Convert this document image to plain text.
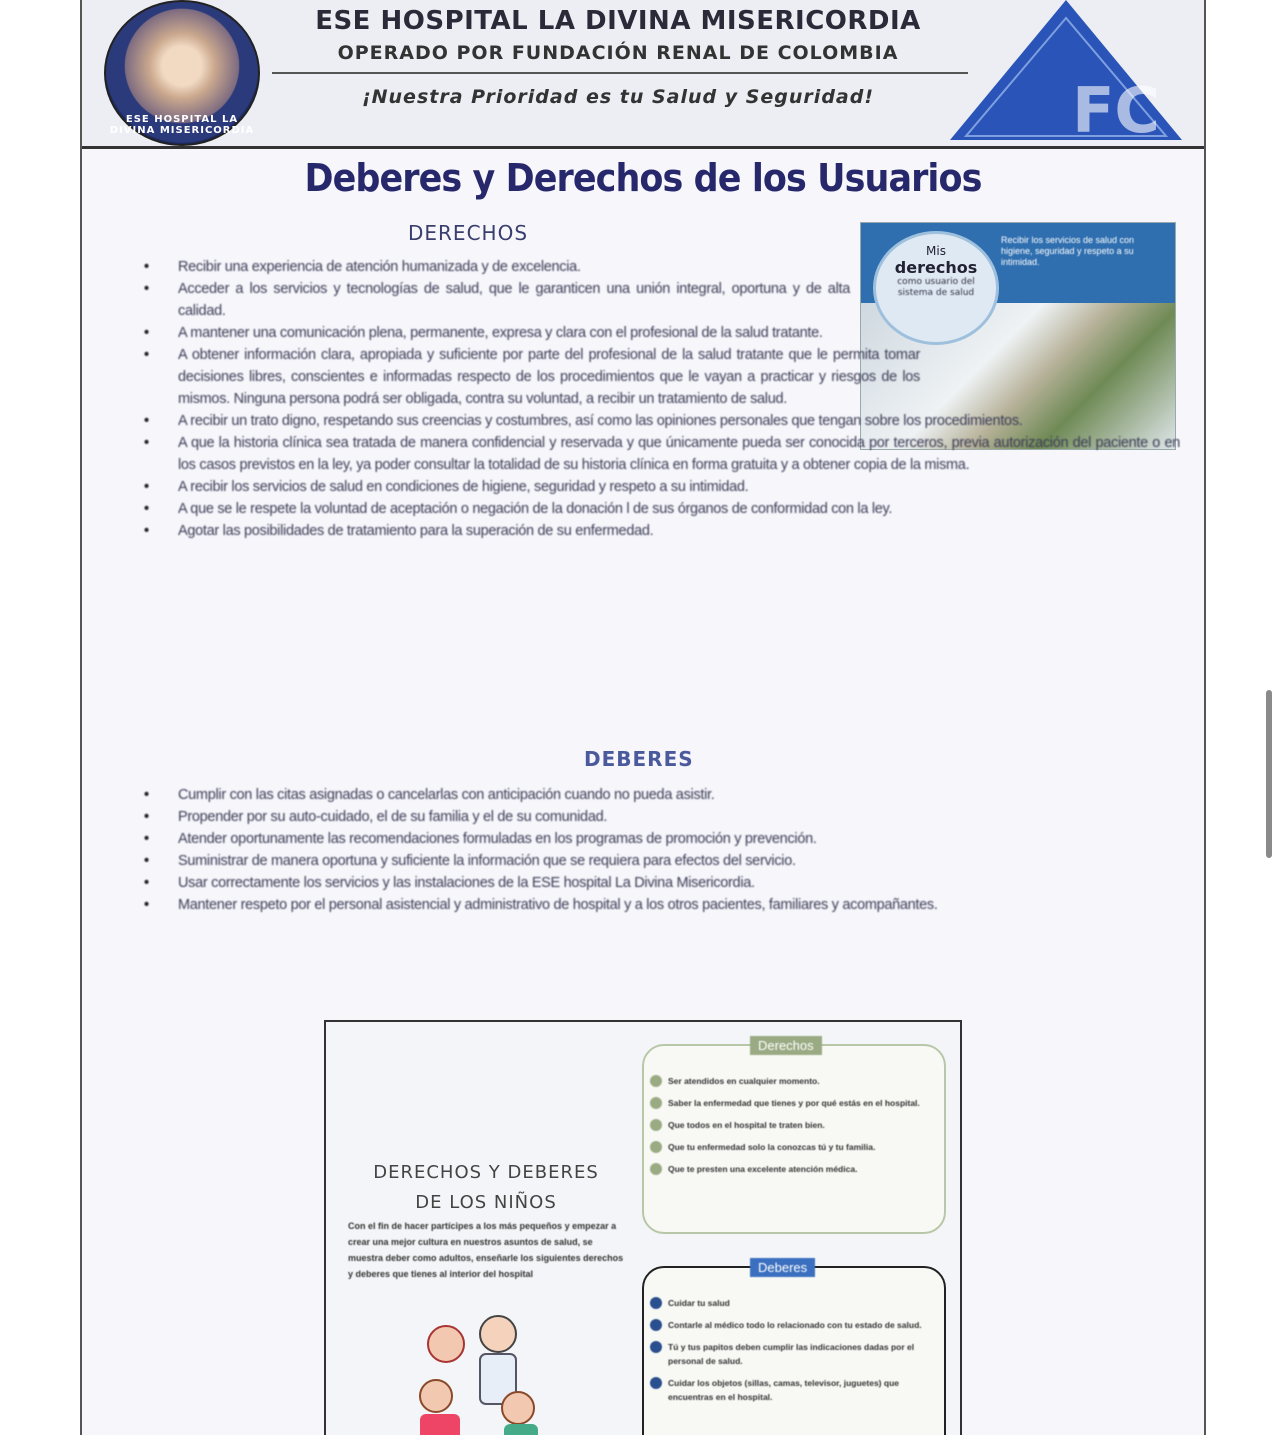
ESE HOSPITAL LA DIVINA MISERICORDIA
ESE HOSPITAL LA DIVINA MISERICORDIA
OPERADO POR FUNDACIÓN RENAL DE COLOMBIA
¡Nuestra Prioridad es tu Salud y Seguridad!	FC
Deberes y Derechos de los Usuarios
DERECHOS
Mis
derechos
como usuario del sistema de salud
Recibir los servicios de salud con higiene, seguridad y respeto a su intimidad.
• Recibir una experiencia de atención humanizada y de excelencia.
• Acceder a los servicios y tecnologías de salud, que le garanticen una unión integral, oportuna y de alta calidad.
• A mantener una comunicación plena, permanente, expresa y clara con el profesional de la salud tratante.
• A obtener información clara, apropiada y suficiente por parte del profesional de la salud tratante que le permita tomar decisiones libres, conscientes e informadas respecto de los procedimientos que le vayan a practicar y riesgos de los mismos. Ninguna persona podrá ser obligada, contra su voluntad, a recibir un tratamiento de salud.
• A recibir un trato digno, respetando sus creencias y costumbres, así como las opiniones personales que tengan sobre los procedimientos.
• A que la historia clínica sea tratada de manera confidencial y reservada y que únicamente pueda ser conocida por terceros, previa autorización del paciente o en los casos previstos en la ley, ya poder consultar la totalidad de su historia clínica en forma gratuita y a obtener copia de la misma.
• A recibir los servicios de salud en condiciones de higiene, seguridad y respeto a su intimidad.
• A que se le respete la voluntad de aceptación o negación de la donación l de sus órganos de conformidad con la ley.
• Agotar las posibilidades de tratamiento para la superación de su enfermedad.
DEBERES
• Cumplir con las citas asignadas o cancelarlas con anticipación cuando no pueda asistir.
• Propender por su auto-cuidado, el de su familia y el de su comunidad.
• Atender oportunamente las recomendaciones formuladas en los programas de promoción y prevención.
• Suministrar de manera oportuna y suficiente la información que se requiera para efectos del servicio.
• Usar correctamente los servicios y las instalaciones de la ESE hospital La Divina Misericordia.
• Mantener respeto por el personal asistencial y administrativo de hospital y a los otros pacientes, familiares y acompañantes.
DERECHOS Y DEBERES
DE LOS NIÑOS
Con el fin de hacer partícipes a los más pequeños y empezar a crear una mejor cultura en nuestros asuntos de salud, se muestra deber como adultos, enseñarle los siguientes derechos y deberes que tienes al interior del hospital
Derechos
Ser atendidos en cualquier momento.
Saber la enfermedad que tienes y por qué estás en el hospital.
Que todos en el hospital te traten bien.
Que tu enfermedad solo la conozcas tú y tu familia.
Que te presten una excelente atención médica.
Deberes
Cuidar tu salud
Contarle al médico todo lo relacionado con tu estado de salud.
Tú y tus papitos deben cumplir las indicaciones dadas por el personal de salud.
Cuidar los objetos (sillas, camas, televisor, juguetes) que encuentras en el hospital.
